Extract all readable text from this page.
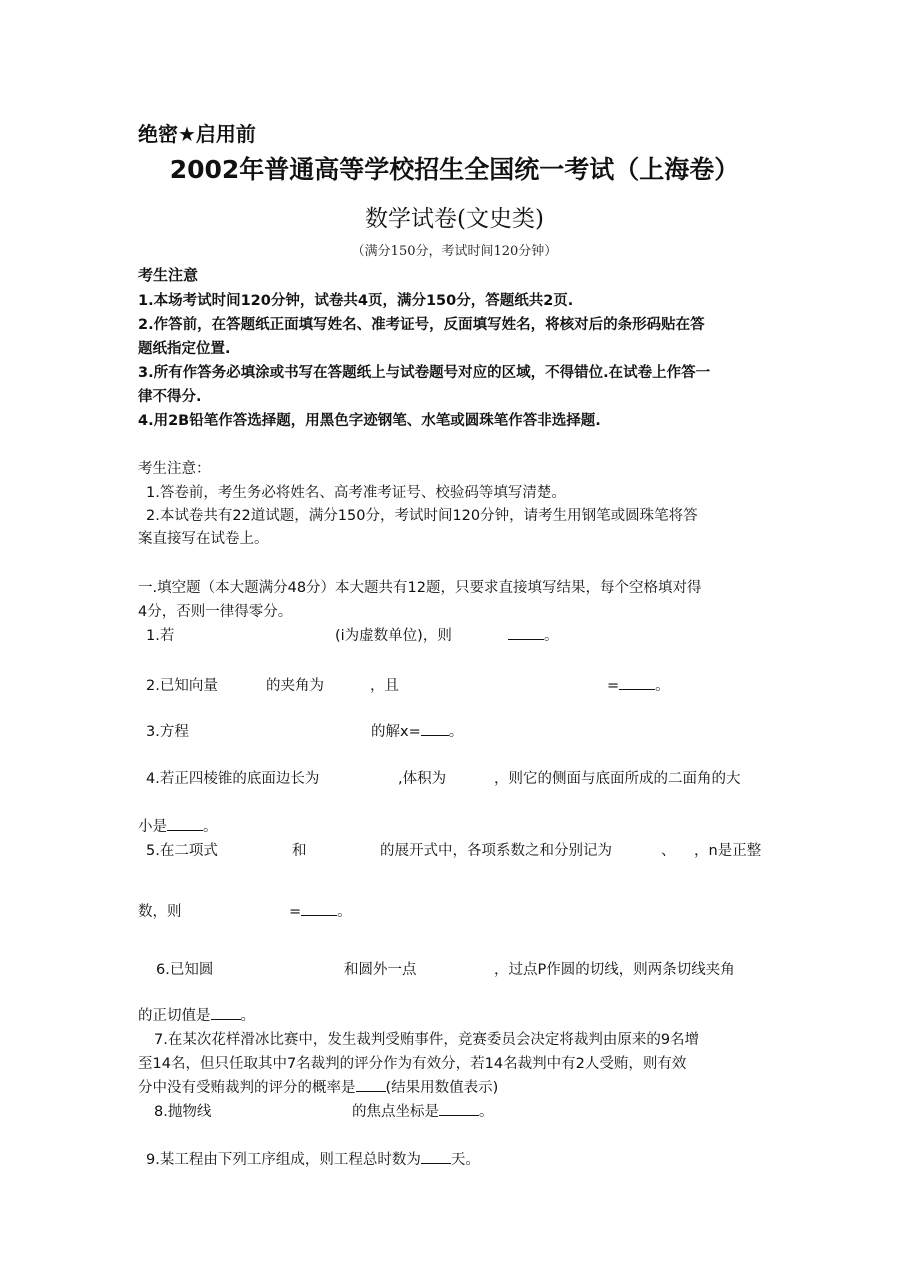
绝密★启用前
2002年普通高等学校招生全国统一考试（上海卷）
数学试卷(文史类)
（满分150分，考试时间120分钟）
考生注意
1.本场考试时间120分钟，试卷共4页，满分150分，答题纸共2页.
2.作答前，在答题纸正面填写姓名、准考证号，反面填写姓名，将核对后的条形码贴在答
题纸指定位置.
3.所有作答务必填涂或书写在答题纸上与试卷题号对应的区域，不得错位.在试卷上作答一
律不得分.
4.用2B铅笔作答选择题，用黑色字迹钢笔、水笔或圆珠笔作答非选择题.
考生注意：
1.答卷前，考生务必将姓名、高考准考证号、校验码等填写清楚。
2.本试卷共有22道试题，满分150分，考试时间120分钟，请考生用钢笔或圆珠笔将答
案直接写在试卷上。
一.填空题（本大题满分48分）本大题共有12题，只要求直接填写结果，每个空格填对得
4分，否则一律得零分。
1.若	(i为虚数单位)，则	。
2.已知向量	的夹角为	，且	= 。
3.方程	的解x= 。
4.若正四棱锥的底面边长为	,体积为	，则它的侧面与底面所成的二面角的大
小是 。
5.在二项式	和	的展开式中，各项系数之和分别记为	、 ，n是正整
数，则	= 。
6.已知圆	和圆外一点	，过点P作圆的切线，则两条切线夹角
的正切值是 。
7.在某次花样滑冰比赛中，发生裁判受贿事件，竞赛委员会决定将裁判由原来的9名增
至14名，但只任取其中7名裁判的评分作为有效分，若14名裁判中有2人受贿，则有效
分中没有受贿裁判的评分的概率是 (结果用数值表示)
8.抛物线	的焦点坐标是	。
9.某工程由下列工序组成，则工程总时数为 天。
